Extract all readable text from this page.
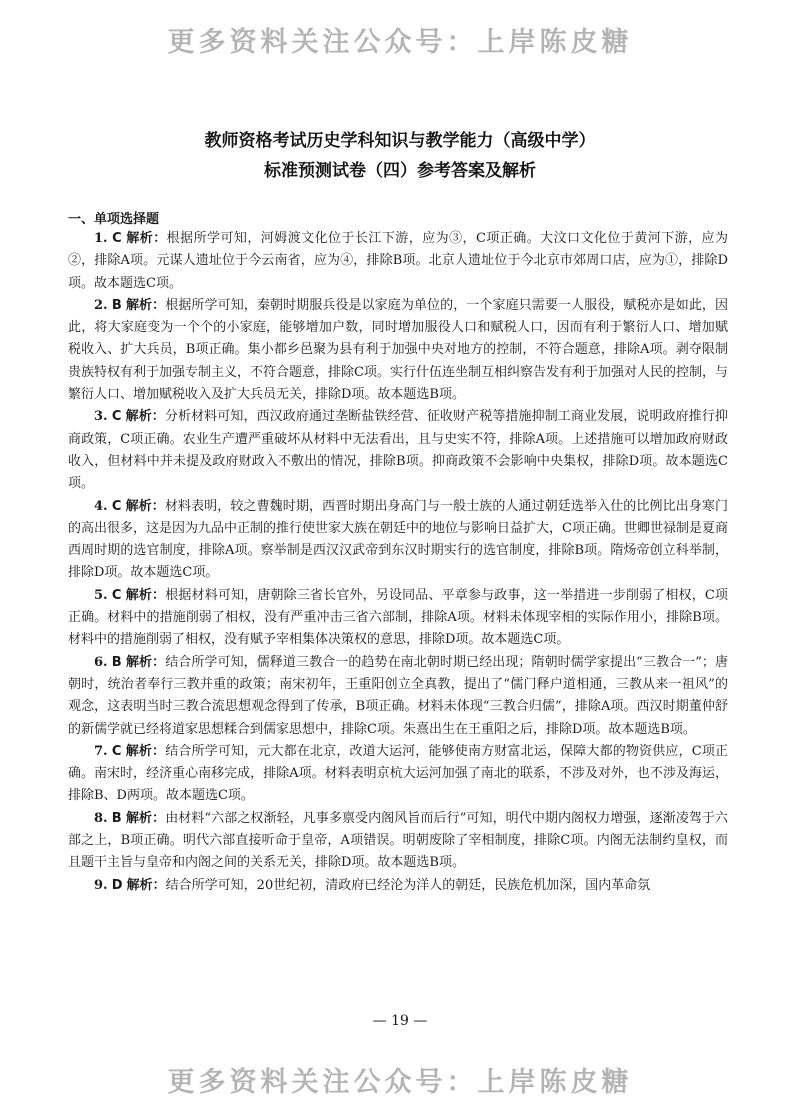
更多资料关注公众号：上岸陈皮糖
教师资格考试历史学科知识与教学能力（高级中学）
标准预测试卷（四）参考答案及解析
一、单项选择题

1. C 解析：根据所学可知，河姆渡文化位于长江下游，应为③，C项正确。大汶口文化位于黄河下游，应为②，排除A项。元谋人遗址位于今云南省，应为④，排除B项。北京人遗址位于今北京市郊周口店，应为①，排除D项。故本题选C项。

2. B 解析：根据所学可知，秦朝时期服兵役是以家庭为单位的，一个家庭只需要一人服役，赋税亦是如此，因此，将大家庭变为一个个的小家庭，能够增加户数，同时增加服役人口和赋税人口，因而有利于繁衍人口、增加赋税收入、扩大兵员，B项正确。集小都乡邑聚为县有利于加强中央对地方的控制，不符合题意，排除A项。剥夺限制贵族特权有利于加强专制主义，不符合题意，排除C项。实行什伍连坐制互相纠察告发有利于加强对人民的控制，与繁衍人口、增加赋税收入及扩大兵员无关，排除D项。故本题选B项。

3. C 解析：分析材料可知，西汉政府通过垄断盐铁经营、征收财产税等措施抑制工商业发展，说明政府推行抑商政策，C项正确。农业生产遭严重破坏从材料中无法看出，且与史实不符，排除A项。上述措施可以增加政府财政收入，但材料中并未提及政府财政入不敷出的情况，排除B项。抑商政策不会影响中央集权，排除D项。故本题选C项。

4. C 解析：材料表明，较之曹魏时期，西晋时期出身高门与一般士族的人通过朝廷选举入仕的比例比出身寒门的高出很多，这是因为九品中正制的推行使世家大族在朝廷中的地位与影响日益扩大，C项正确。世卿世禄制是夏商西周时期的选官制度，排除A项。察举制是西汉汉武帝到东汉时期实行的选官制度，排除B项。隋炀帝创立科举制，排除D项。故本题选C项。

5. C 解析：根据材料可知，唐朝除三省长官外，另设同品、平章参与政事，这一举措进一步削弱了相权，C项正确。材料中的措施削弱了相权，没有严重冲击三省六部制，排除A项。材料未体现宰相的实际作用小，排除B项。材料中的措施削弱了相权，没有赋予宰相集体决策权的意思，排除D项。故本题选C项。

6. B 解析：结合所学可知，儒释道三教合一的趋势在南北朝时期已经出现；隋朝时儒学家提出“三教合一”；唐朝时，统治者奉行三教并重的政策；南宋初年，王重阳创立全真教，提出了“儒门释户道相通，三教从来一祖风”的观念，这表明当时三教合流思想观念得到了传承，B项正确。材料未体现“三教合归儒”，排除A项。西汉时期董仲舒的新儒学就已经将道家思想糅合到儒家思想中，排除C项。朱熹出生在王重阳之后，排除D项。故本题选B项。

7. C 解析：结合所学可知，元大都在北京，改道大运河，能够使南方财富北运，保障大都的物资供应，C项正确。南宋时，经济重心南移完成，排除A项。材料表明京杭大运河加强了南北的联系，不涉及对外，也不涉及海运，排除B、D两项。故本题选C项。

8. B 解析：由材料“六部之权渐轻，凡事多禀受内阁风旨而后行”可知，明代中期内阁权力增强，逐渐凌驾于六部之上，B项正确。明代六部直接听命于皇帝，A项错误。明朝废除了宰相制度，排除C项。内阁无法制约皇权，而且题干主旨与皇帝和内阁之间的关系无关，排除D项。故本题选B项。

9. D 解析：结合所学可知，20世纪初，清政府已经沦为洋人的朝廷，民族危机加深，国内革命氛

— 19 —
更多资料关注公众号：上岸陈皮糖
